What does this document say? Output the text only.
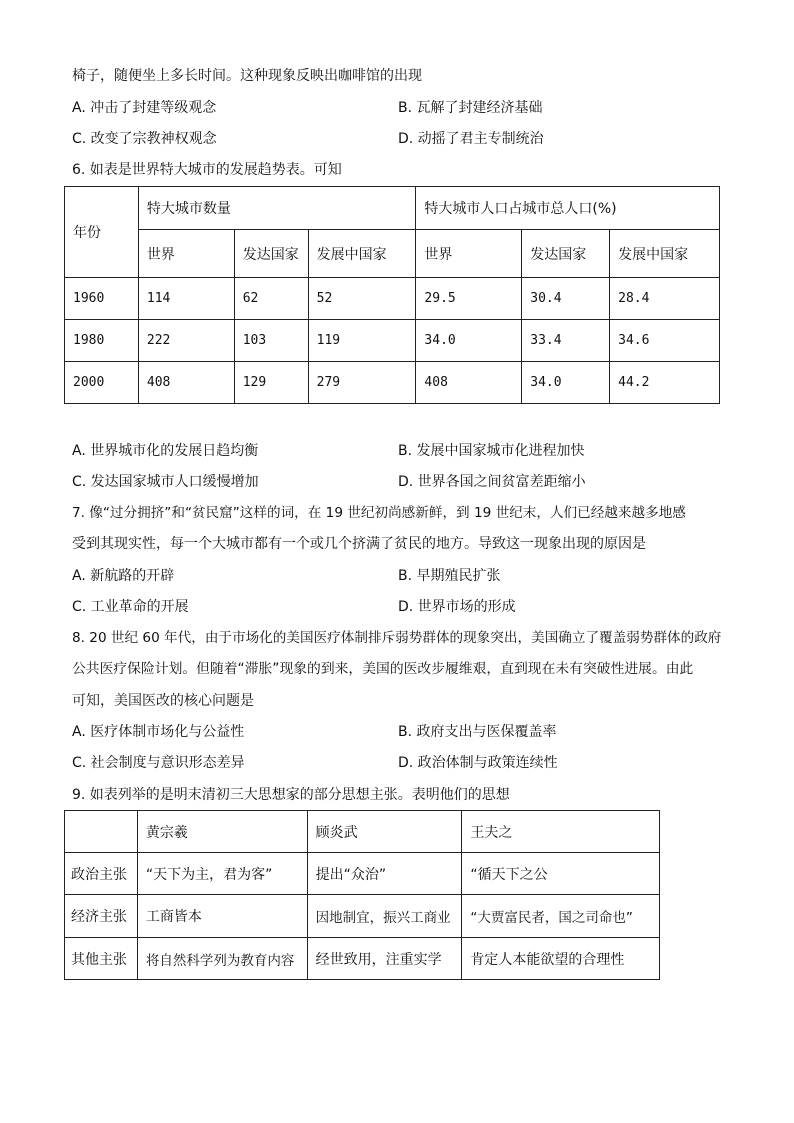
椅子，随便坐上多长时间。这种现象反映出咖啡馆的出现
A. 冲击了封建等级观念	B. 瓦解了封建经济基础
C. 改变了宗教神权观念	D. 动摇了君主专制统治
6. 如表是世界特大城市的发展趋势表。可知
年份	特大城市数量			特大城市人口占城市总人口(%)		
	世界	发达国家	发展中国家	世界	发达国家	发展中国家
1960	114	62	52	29.5	30.4	28.4
1980	222	103	119	34.0	33.4	34.6
2000	408	129	279	408	34.0	44.2
A. 世界城市化的发展日趋均衡	B. 发展中国家城市化进程加快
C. 发达国家城市人口缓慢增加	D. 世界各国之间贫富差距缩小
7. 像“过分拥挤”和“贫民窟”这样的词，在 19 世纪初尚感新鲜，到 19 世纪末，人们已经越来越多地感
受到其现实性，每一个大城市都有一个或几个挤满了贫民的地方。导致这一现象出现的原因是
A. 新航路的开辟	B. 早期殖民扩张
C. 工业革命的开展	D. 世界市场的形成
8. 20 世纪 60 年代，由于市场化的美国医疗体制排斥弱势群体的现象突出，美国确立了覆盖弱势群体的政府
公共医疗保险计划。但随着“滞胀”现象的到来，美国的医改步履维艰，直到现在未有突破性进展。由此
可知，美国医改的核心问题是
A. 医疗体制市场化与公益性	B. 政府支出与医保覆盖率
C. 社会制度与意识形态差异	D. 政治体制与政策连续性
9. 如表列举的是明末清初三大思想家的部分思想主张。表明他们的思想
	黄宗羲	顾炎武	王夫之
政治主张	“天下为主，君为客”	提出“众治”	“循天下之公
经济主张	工商皆本	因地制宜，振兴工商业	“大贾富民者，国之司命也”
其他主张	将自然科学列为教育内容	经世致用，注重实学	肯定人本能欲望的合理性
